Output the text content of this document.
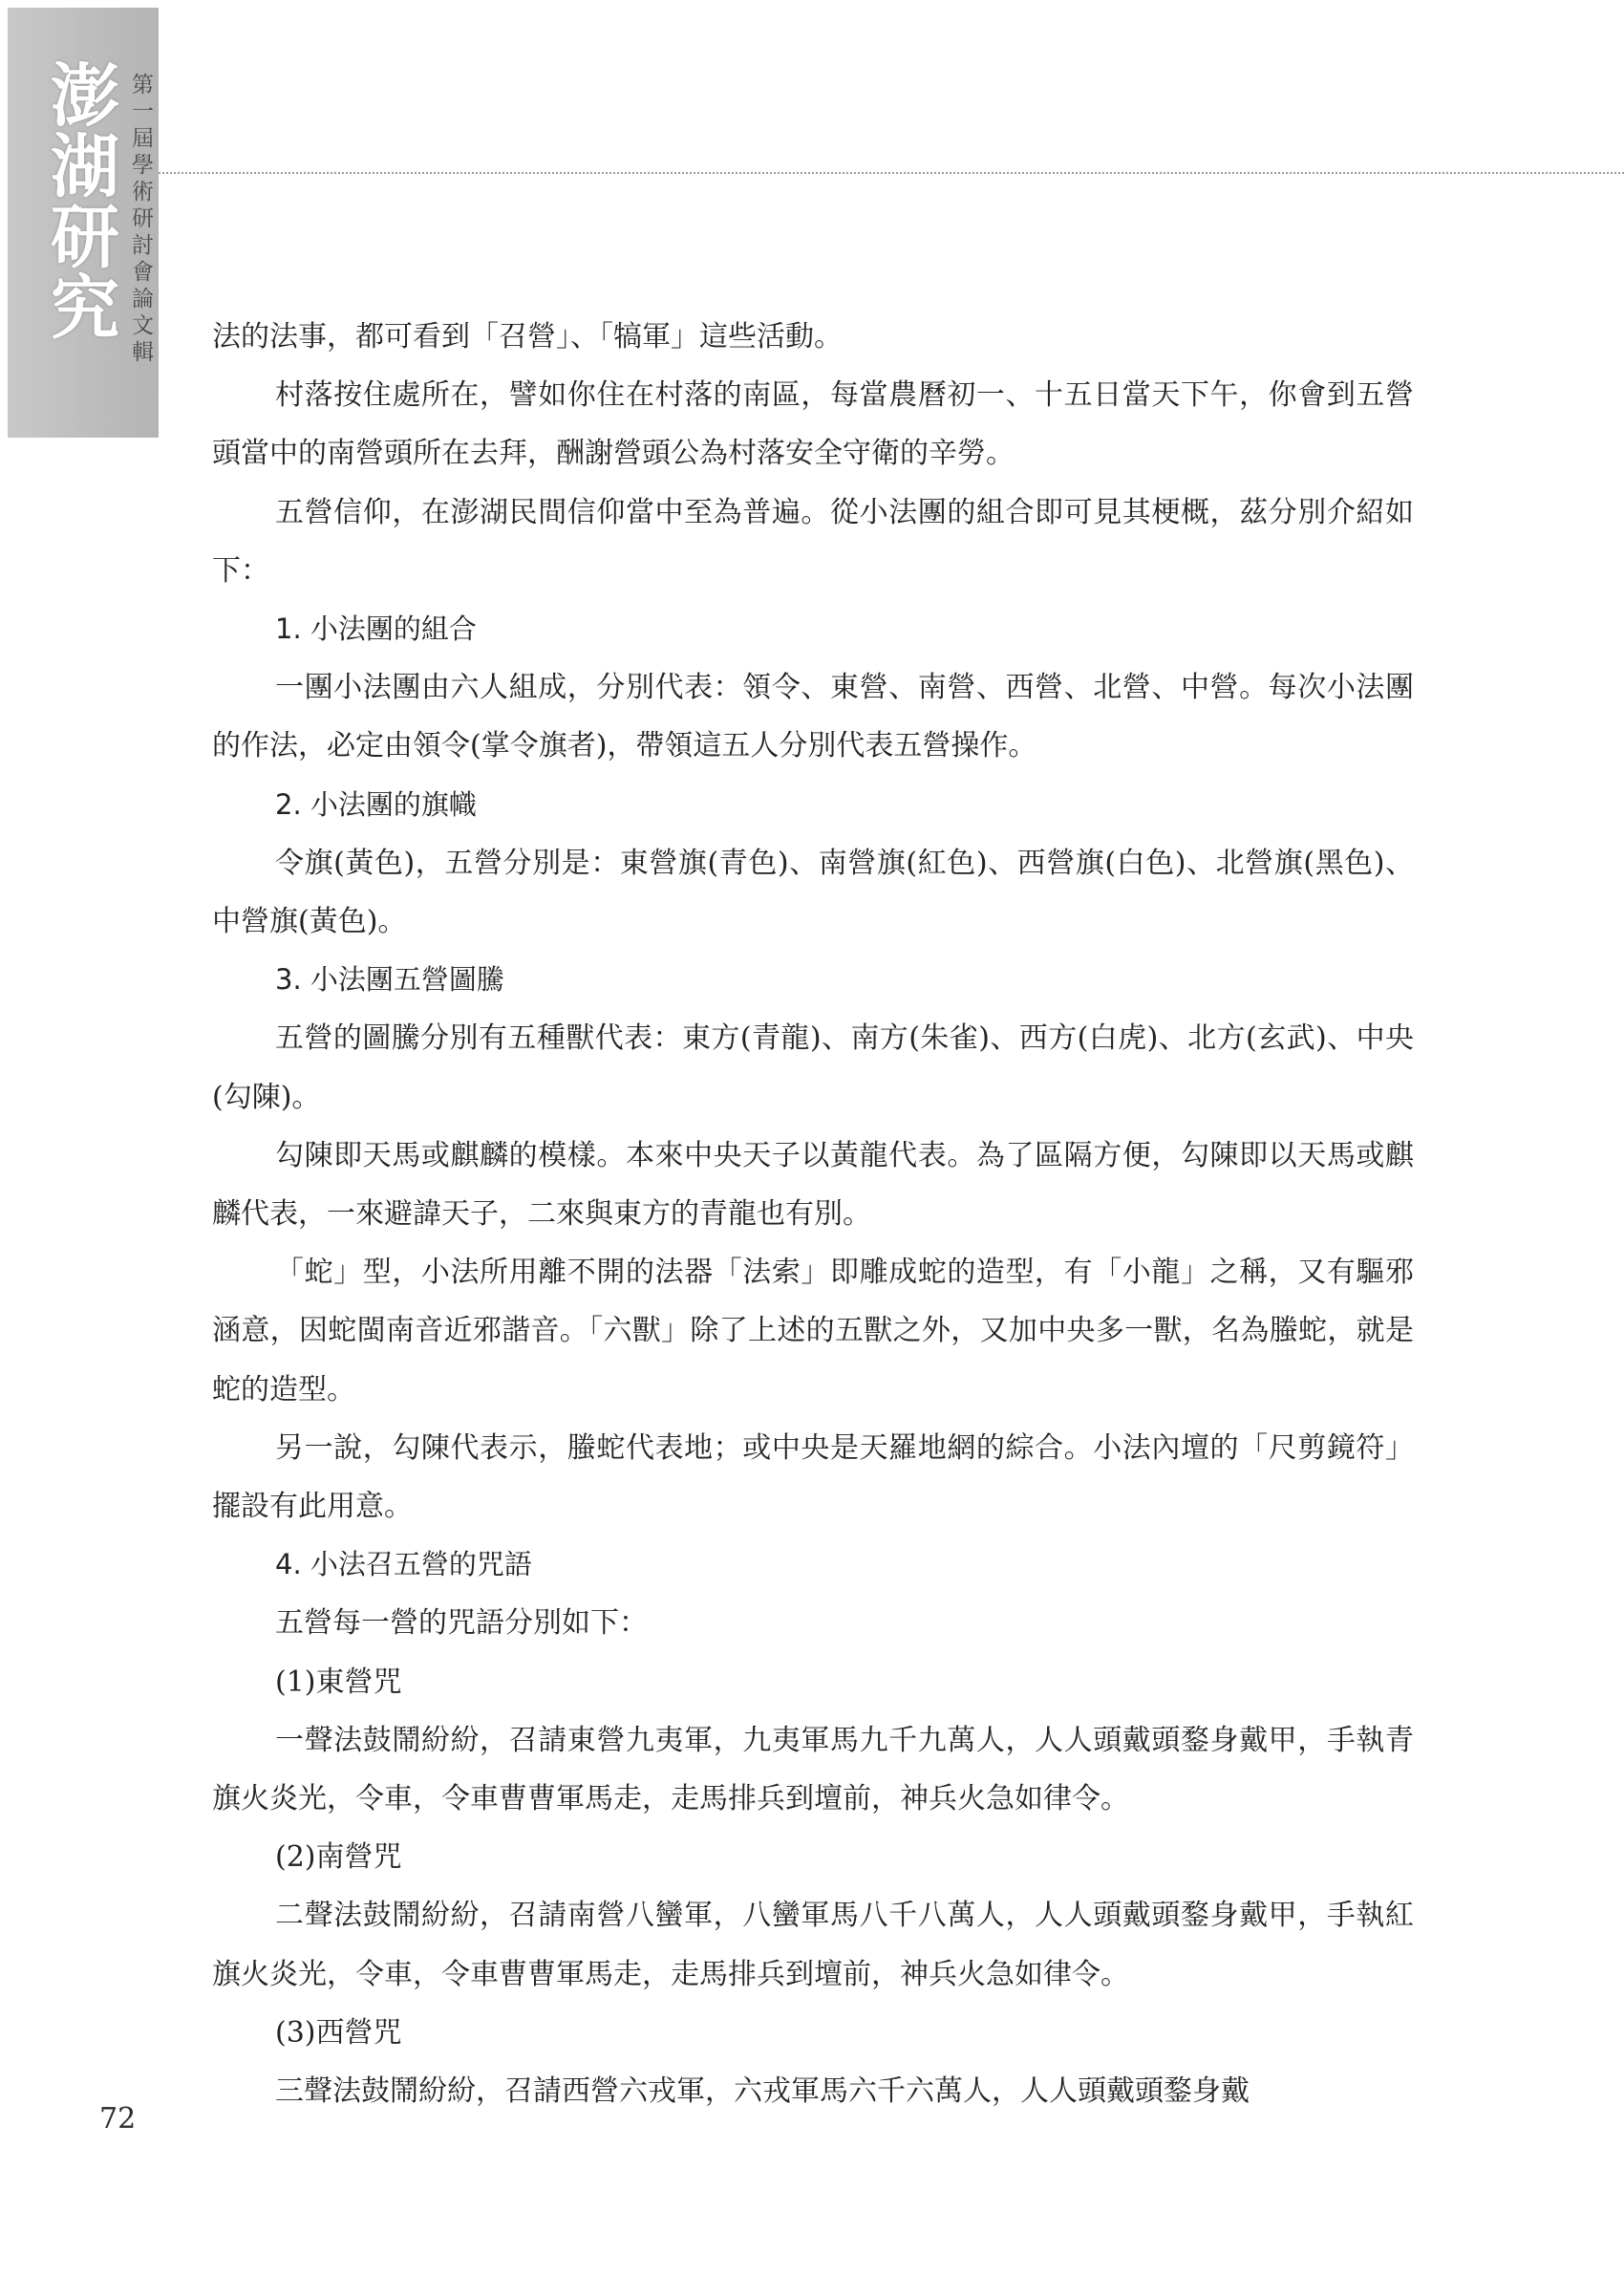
澎湖研究 第一屆學術研討會論文輯 法的法事，都可看到「召營」、「犒軍」這些活動。

村落按住處所在，譬如你住在村落的南區，每當農曆初一、十五日當天下午，你會到五營頭當中的南營頭所在去拜，酬謝營頭公為村落安全守衛的辛勞。

五營信仰，在澎湖民間信仰當中至為普遍。從小法團的組合即可見其梗概，茲分別介紹如下：

1. 小法團的組合

一團小法團由六人組成，分別代表：領令、東營、南營、西營、北營、中營。每次小法團的作法，必定由領令(掌令旗者)，帶領這五人分別代表五營操作。

2. 小法團的旗幟

令旗(黃色)，五營分別是：東營旗(青色)、南營旗(紅色)、西營旗(白色)、北營旗(黑色)、中營旗(黃色)。

3. 小法團五營圖騰

五營的圖騰分別有五種獸代表：東方(青龍)、南方(朱雀)、西方(白虎)、北方(玄武)、中央(勾陳)。

勾陳即天馬或麒麟的模樣。本來中央天子以黃龍代表。為了區隔方便，勾陳即以天馬或麒麟代表，一來避諱天子，二來與東方的青龍也有別。

「蛇」型，小法所用離不開的法器「法索」即雕成蛇的造型，有「小龍」之稱，又有驅邪涵意，因蛇閩南音近邪諧音。「六獸」除了上述的五獸之外，又加中央多一獸，名為螣蛇，就是蛇的造型。

另一說，勾陳代表示，螣蛇代表地；或中央是天羅地網的綜合。小法內壇的「尺剪鏡符」擺設有此用意。

4. 小法召五營的咒語

五營每一營的咒語分別如下：

(1)東營咒

一聲法鼓鬧紛紛，召請東營九夷軍，九夷軍馬九千九萬人，人人頭戴頭鍪身戴甲，手執青旗火炎光，令車，令車曹曹軍馬走，走馬排兵到壇前，神兵火急如律令。

(2)南營咒

二聲法鼓鬧紛紛，召請南營八蠻軍，八蠻軍馬八千八萬人，人人頭戴頭鍪身戴甲，手執紅旗火炎光，令車，令車曹曹軍馬走，走馬排兵到壇前，神兵火急如律令。

(3)西營咒

三聲法鼓鬧紛紛，召請西營六戎軍，六戎軍馬六千六萬人，人人頭戴頭鍪身戴

72
